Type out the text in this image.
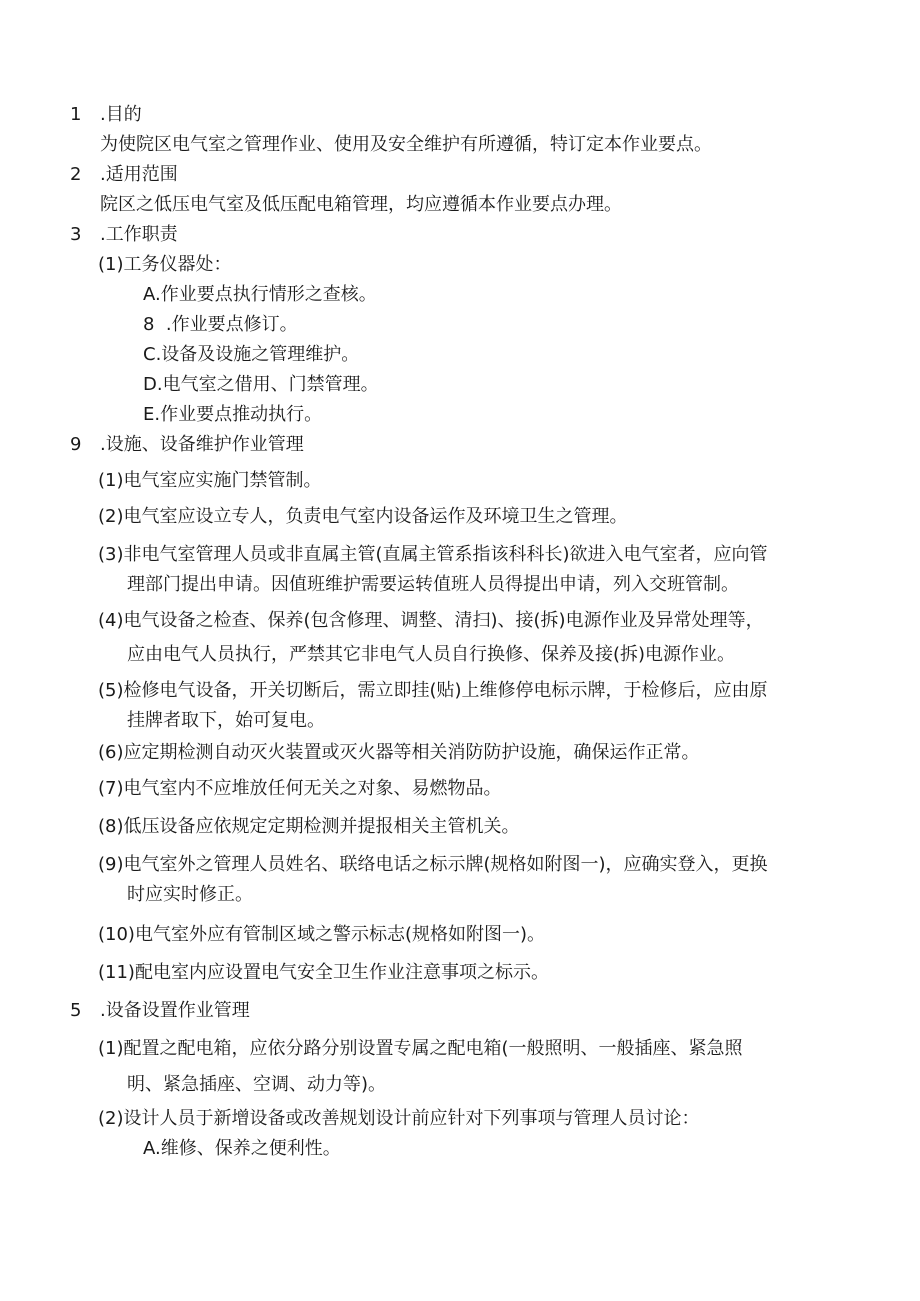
1 .目的
为使院区电气室之管理作业、使用及安全维护有所遵循，特订定本作业要点。
2 .适用范围
院区之低压电气室及低压配电箱管理，均应遵循本作业要点办理。
3 .工作职责
(1)工务仪器处：
A.作业要点执行情形之查核。
8  .作业要点修订。
C.设备及设施之管理维护。
D.电气室之借用、门禁管理。
E.作业要点推动执行。
9 .设施、设备维护作业管理
(1)电气室应实施门禁管制。
(2)电气室应设立专人，负责电气室内设备运作及环境卫生之管理。
(3)非电气室管理人员或非直属主管(直属主管系指该科科长)欲进入电气室者，应向管
理部门提出申请。因值班维护需要运转值班人员得提出申请，列入交班管制。
(4)电气设备之检查、保养(包含修理、调整、清扫)、接(拆)电源作业及异常处理等，
应由电气人员执行，严禁其它非电气人员自行换修、保养及接(拆)电源作业。
(5)检修电气设备，开关切断后，需立即挂(贴)上维修停电标示牌，于检修后，应由原
挂牌者取下，始可复电。
(6)应定期检测自动灭火装置或灭火器等相关消防防护设施，确保运作正常。
(7)电气室内不应堆放任何无关之对象、易燃物品。
(8)低压设备应依规定定期检测并提报相关主管机关。
(9)电气室外之管理人员姓名、联络电话之标示牌(规格如附图一)，应确实登入，更换
时应实时修正。
(10)电气室外应有管制区域之警示标志(规格如附图一)。
(11)配电室内应设置电气安全卫生作业注意事项之标示。
5 .设备设置作业管理
(1)配置之配电箱，应依分路分别设置专属之配电箱(一般照明、一般插座、紧急照
明、紧急插座、空调、动力等)。
(2)设计人员于新增设备或改善规划设计前应针对下列事项与管理人员讨论：
A.维修、保养之便利性。
